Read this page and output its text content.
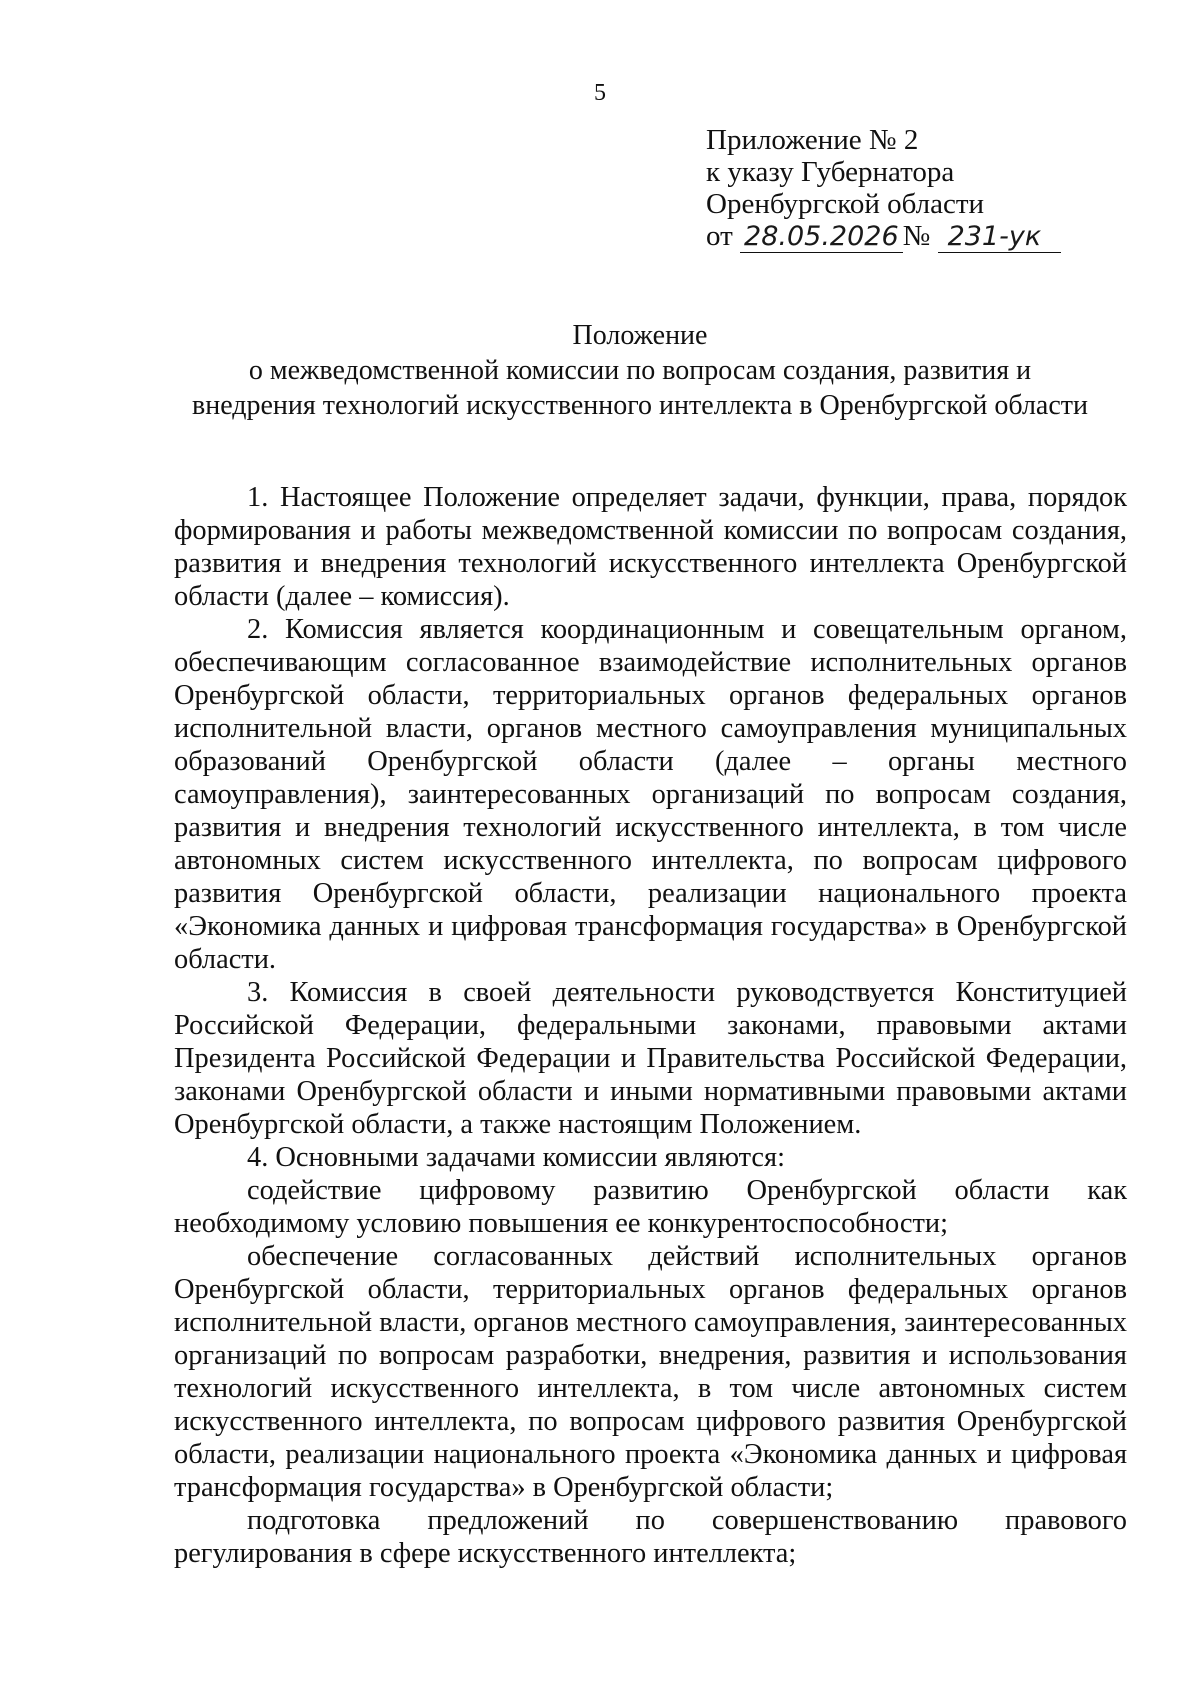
5
Приложение № 2
к указу Губернатора
Оренбургской области
от 28.05.2026 № 231-ук
Положение
о межведомственной комиссии по вопросам создания, развития и
внедрения технологий искусственного интеллекта в Оренбургской области

1. Настоящее Положение определяет задачи, функции, права, порядок формирования и работы межведомственной комиссии по вопросам создания, развития и внедрения технологий искусственного интеллекта Оренбургской области (далее – комиссия).

2. Комиссия является координационным и совещательным органом, обеспечивающим согласованное взаимодействие исполнительных органов Оренбургской области, территориальных органов федеральных органов исполнительной власти, органов местного самоуправления муниципальных образований Оренбургской области (далее – органы местного самоуправления), заинтересованных организаций по вопросам создания, развития и внедрения технологий искусственного интеллекта, в том числе автономных систем искусственного интеллекта, по вопросам цифрового развития Оренбургской области, реализации национального проекта «Экономика данных и цифровая трансформация государства» в Оренбургской области.

3. Комиссия в своей деятельности руководствуется Конституцией Российской Федерации, федеральными законами, правовыми актами Президента Российской Федерации и Правительства Российской Федерации, законами Оренбургской области и иными нормативными правовыми актами Оренбургской области, а также настоящим Положением.

4. Основными задачами комиссии являются:

содействие цифровому развитию Оренбургской области как необходимому условию повышения ее конкурентоспособности;

обеспечение согласованных действий исполнительных органов Оренбургской области, территориальных органов федеральных органов исполнительной власти, органов местного самоуправления, заинтересованных организаций по вопросам разработки, внедрения, развития и использования технологий искусственного интеллекта, в том числе автономных систем искусственного интеллекта, по вопросам цифрового развития Оренбургской области, реализации национального проекта «Экономика данных и цифровая трансформация государства» в Оренбургской области;

подготовка предложений по совершенствованию правового регулирования в сфере искусственного интеллекта;
